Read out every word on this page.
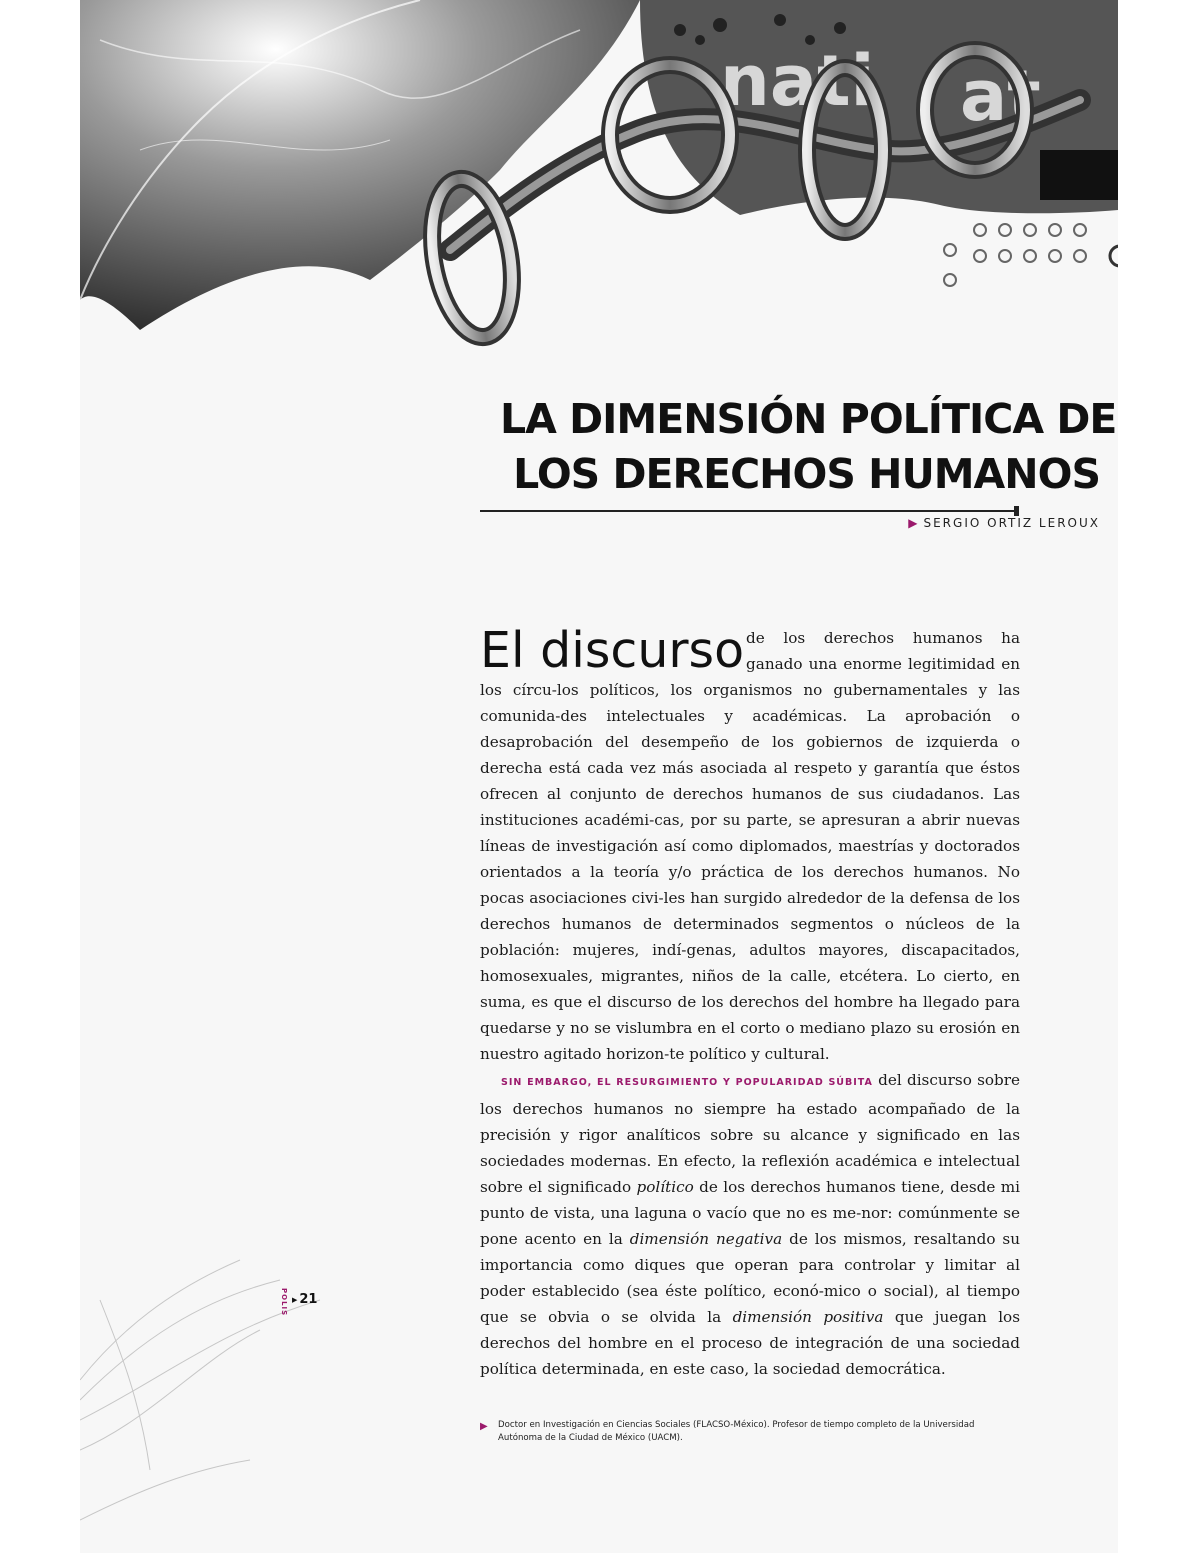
nati at
POLIS ▶ 21
LA DIMENSIÓN POLÍTICA DE
LOS DERECHOS HUMANOS
▶ SERGIO ORTIZ LEROUX

El discurso de los derechos humanos ha ganado una enorme legitimidad en los círcu-los políticos, los organismos no gubernamentales y las comunida-des intelectuales y académicas. La aprobación o desaprobación del desempeño de los gobiernos de izquierda o derecha está cada vez más asociada al respeto y garantía que éstos ofrecen al conjunto de derechos humanos de sus ciudadanos. Las instituciones académi-cas, por su parte, se apresuran a abrir nuevas líneas de investigación así como diplomados, maestrías y doctorados orientados a la teoría y/o práctica de los derechos humanos. No pocas asociaciones civi-les han surgido alrededor de la defensa de los derechos humanos de determinados segmentos o núcleos de la población: mujeres, indí-genas, adultos mayores, discapacitados, homosexuales, migrantes, niños de la calle, etcétera. Lo cierto, en suma, es que el discurso de los derechos del hombre ha llegado para quedarse y no se vislumbra en el corto o mediano plazo su erosión en nuestro agitado horizon-te político y cultural.

SIN EMBARGO, EL RESURGIMIENTO Y POPULARIDAD SÚBITA del discurso sobre los derechos humanos no siempre ha estado acompañado de la precisión y rigor analíticos sobre su alcance y significado en las sociedades modernas. En efecto, la reflexión académica e intelectual sobre el significado político de los derechos humanos tiene, desde mi punto de vista, una laguna o vacío que no es me-nor: comúnmente se pone acento en la dimensión negativa de los mismos, resaltando su importancia como diques que operan para controlar y limitar al poder establecido (sea éste político, econó-mico o social), al tiempo que se obvia o se olvida la dimensión positiva que juegan los derechos del hombre en el proceso de integración de una sociedad política determinada, en este caso, la sociedad democrática.

▶ Doctor en Investigación en Ciencias Sociales (FLACSO-México). Profesor de tiempo completo de la Universidad Autónoma de la Ciudad de México (UACM).
